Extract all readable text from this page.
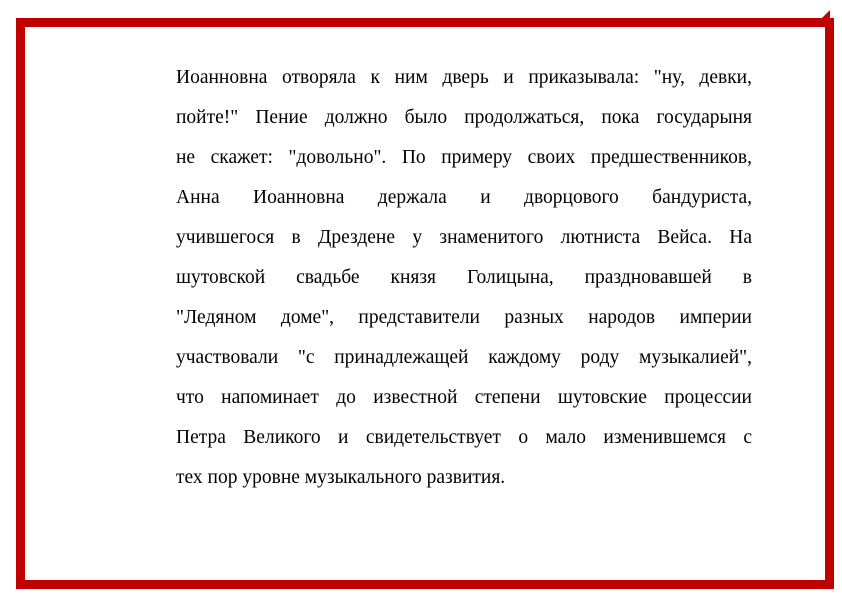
Иоанновна отворяла к ним дверь и приказывала: "ну, девки,
пойте!" Пение должно было продолжаться, пока государыня
не скажет: "довольно". По примеру своих предшественников,
Анна Иоанновна держала и дворцового бандуриста,
учившегося в Дрездене у знаменитого лютниста Вейса. На
шутовской свадьбе князя Голицына, праздновавшей в
"Ледяном доме", представители разных народов империи
участвовали "с принадлежащей каждому роду музыкалией",
что напоминает до известной степени шутовские процессии
Петра Великого и свидетельствует о мало изменившемся с
тех пор уровне музыкального развития.
